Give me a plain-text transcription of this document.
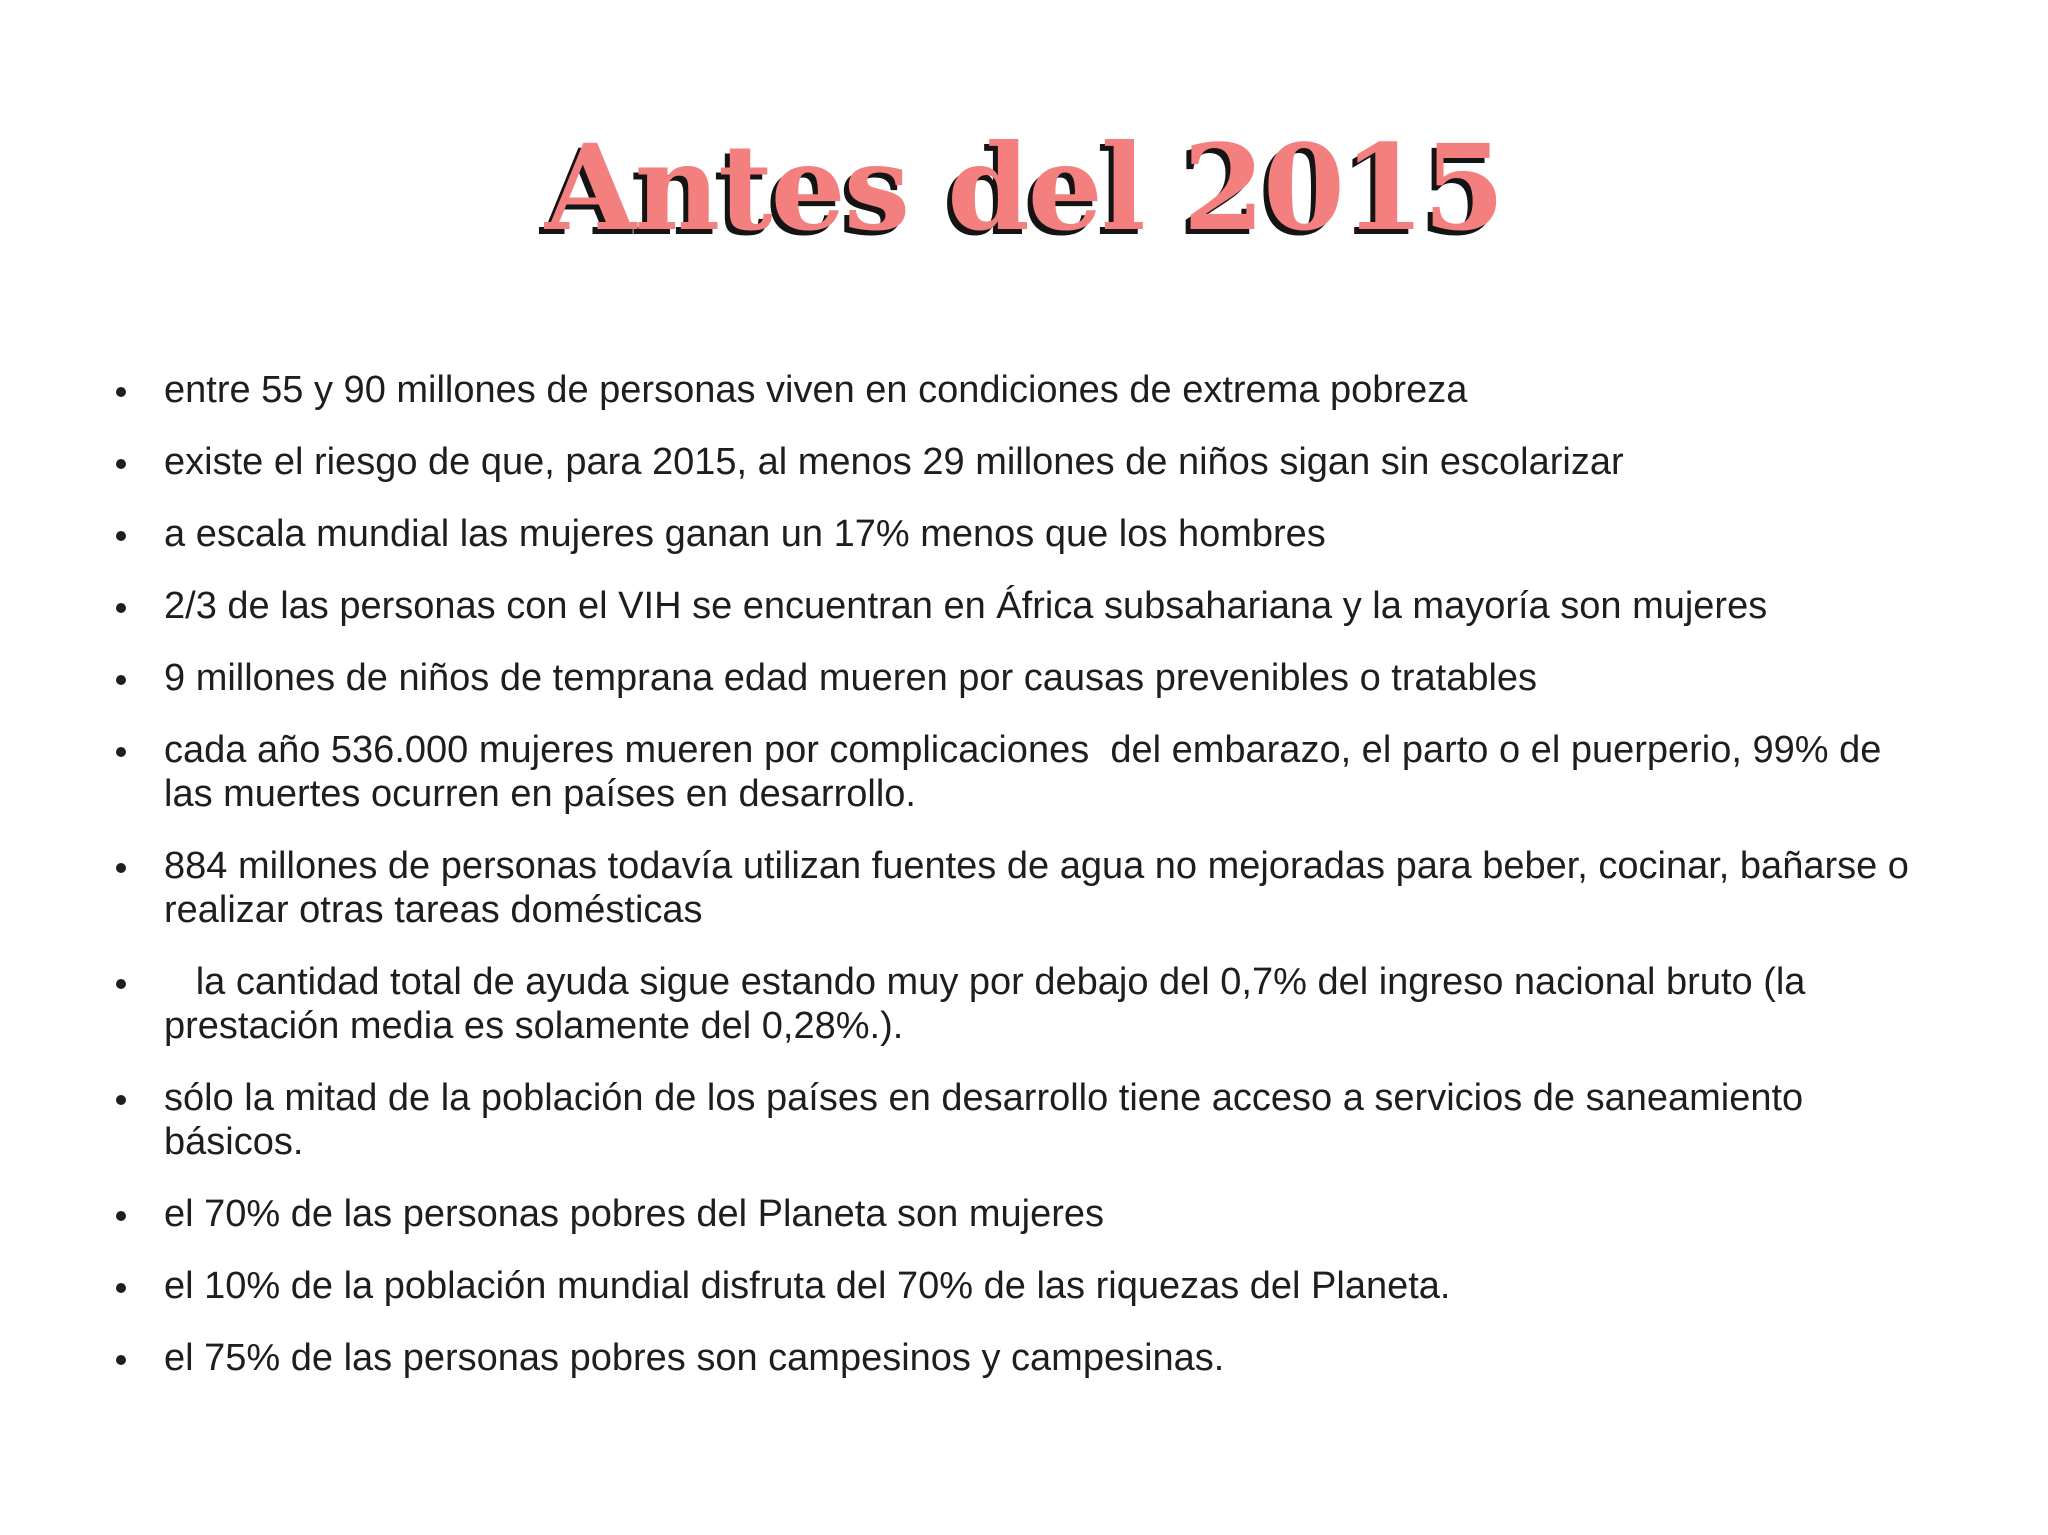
Antes del 2015
entre 55 y 90 millones de personas viven en condiciones de extrema pobreza
existe el riesgo de que, para 2015, al menos 29 millones de niños sigan sin escolarizar
a escala mundial las mujeres ganan un 17% menos que los hombres
2/3 de las personas con el VIH se encuentran en África subsahariana y la mayoría son mujeres
9 millones de niños de temprana edad mueren por causas prevenibles o tratables
cada año 536.000 mujeres mueren por complicaciones  del embarazo, el parto o el puerperio, 99% de las muertes ocurren en países en desarrollo.
884 millones de personas todavía utilizan fuentes de agua no mejoradas para beber, cocinar, bañarse o realizar otras tareas domésticas
la cantidad total de ayuda sigue estando muy por debajo del 0,7% del ingreso nacional bruto (la prestación media es solamente del 0,28%.).
sólo la mitad de la población de los países en desarrollo tiene acceso a servicios de saneamiento básicos.
el 70% de las personas pobres del Planeta son mujeres
el 10% de la población mundial disfruta del 70% de las riquezas del Planeta.
el 75% de las personas pobres son campesinos y campesinas.
